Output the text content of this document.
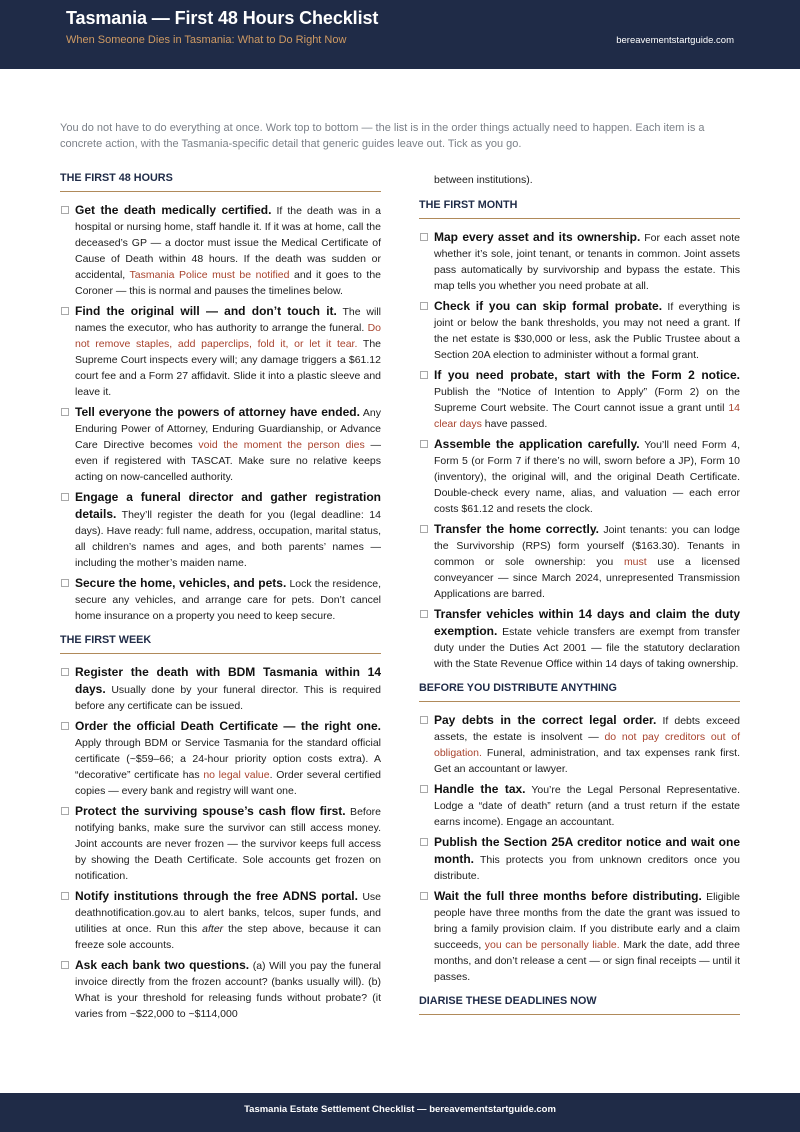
Tasmania — First 48 Hours Checklist
When Someone Dies in Tasmania: What to Do Right Now	bereavementstartguide.com
You do not have to do everything at once. Work top to bottom — the list is in the order things actually need to happen. Each item is a concrete action, with the Tasmania-specific detail that generic guides leave out. Tick as you go.
THE FIRST 48 HOURS
Get the death medically certified. If the death was in a hospital or nursing home, staff handle it. If it was at home, call the deceased’s GP — a doctor must issue the Medical Certificate of Cause of Death within 48 hours. If the death was sudden or accidental, Tasmania Police must be notified and it goes to the Coroner — this is normal and pauses the timelines below.
Find the original will — and don’t touch it. The will names the executor, who has authority to arrange the funeral. Do not remove staples, add paperclips, fold it, or let it tear. The Supreme Court inspects every will; any damage triggers a $61.12 court fee and a Form 27 affidavit. Slide it into a plastic sleeve and leave it.
Tell everyone the powers of attorney have ended. Any Enduring Power of Attorney, Enduring Guardianship, or Advance Care Directive becomes void the moment the person dies — even if registered with TASCAT. Make sure no relative keeps acting on now-cancelled authority.
Engage a funeral director and gather registration details. They’ll register the death for you (legal deadline: 14 days). Have ready: full name, address, occupation, marital status, all children’s names and ages, and both parents’ names — including the mother’s maiden name.
Secure the home, vehicles, and pets. Lock the residence, secure any vehicles, and arrange care for pets. Don’t cancel home insurance on a property you need to keep secure.
THE FIRST WEEK
Register the death with BDM Tasmania within 14 days. Usually done by your funeral director. This is required before any certificate can be issued.
Order the official Death Certificate — the right one. Apply through BDM or Service Tasmania for the standard official certificate (~$59–66; a 24-hour priority option costs extra). A “decorative” certificate has no legal value. Order several certified copies — every bank and registry will want one.
Protect the surviving spouse’s cash flow first. Before notifying banks, make sure the survivor can still access money. Joint accounts are never frozen — the survivor keeps full access by showing the Death Certificate. Sole accounts get frozen on notification.
Notify institutions through the free ADNS portal. Use deathnotification.gov.au to alert banks, telcos, super funds, and utilities at once. Run this after the step above, because it can freeze sole accounts.
Ask each bank two questions. (a) Will you pay the funeral invoice directly from the frozen account? (banks usually will). (b) What is your threshold for releasing funds without probate? (it varies from ~$22,000 to ~$114,000
between institutions).
THE FIRST MONTH
Map every asset and its ownership. For each asset note whether it’s sole, joint tenant, or tenants in common. Joint assets pass automatically by survivorship and bypass the estate. This map tells you whether you need probate at all.
Check if you can skip formal probate. If everything is joint or below the bank thresholds, you may not need a grant. If the net estate is $30,000 or less, ask the Public Trustee about a Section 20A election to administer without a formal grant.
If you need probate, start with the Form 2 notice. Publish the “Notice of Intention to Apply” (Form 2) on the Supreme Court website. The Court cannot issue a grant until 14 clear days have passed.
Assemble the application carefully. You’ll need Form 4, Form 5 (or Form 7 if there’s no will, sworn before a JP), Form 10 (inventory), the original will, and the original Death Certificate. Double-check every name, alias, and valuation — each error costs $61.12 and resets the clock.
Transfer the home correctly. Joint tenants: you can lodge the Survivorship (RPS) form yourself ($163.30). Tenants in common or sole ownership: you must use a licensed conveyancer — since March 2024, unrepresented Transmission Applications are barred.
Transfer vehicles within 14 days and claim the duty exemption. Estate vehicle transfers are exempt from transfer duty under the Duties Act 2001 — file the statutory declaration with the State Revenue Office within 14 days of taking ownership.
BEFORE YOU DISTRIBUTE ANYTHING
Pay debts in the correct legal order. If debts exceed assets, the estate is insolvent — do not pay creditors out of obligation. Funeral, administration, and tax expenses rank first. Get an accountant or lawyer.
Handle the tax. You’re the Legal Personal Representative. Lodge a “date of death” return (and a trust return if the estate earns income). Engage an accountant.
Publish the Section 25A creditor notice and wait one month. This protects you from unknown creditors once you distribute.
Wait the full three months before distributing. Eligible people have three months from the date the grant was issued to bring a family provision claim. If you distribute early and a claim succeeds, you can be personally liable. Mark the date, add three months, and don’t release a cent — or sign final receipts — until it passes.
DIARISE THESE DEADLINES NOW
Tasmania Estate Settlement Checklist — bereavementstartguide.com
